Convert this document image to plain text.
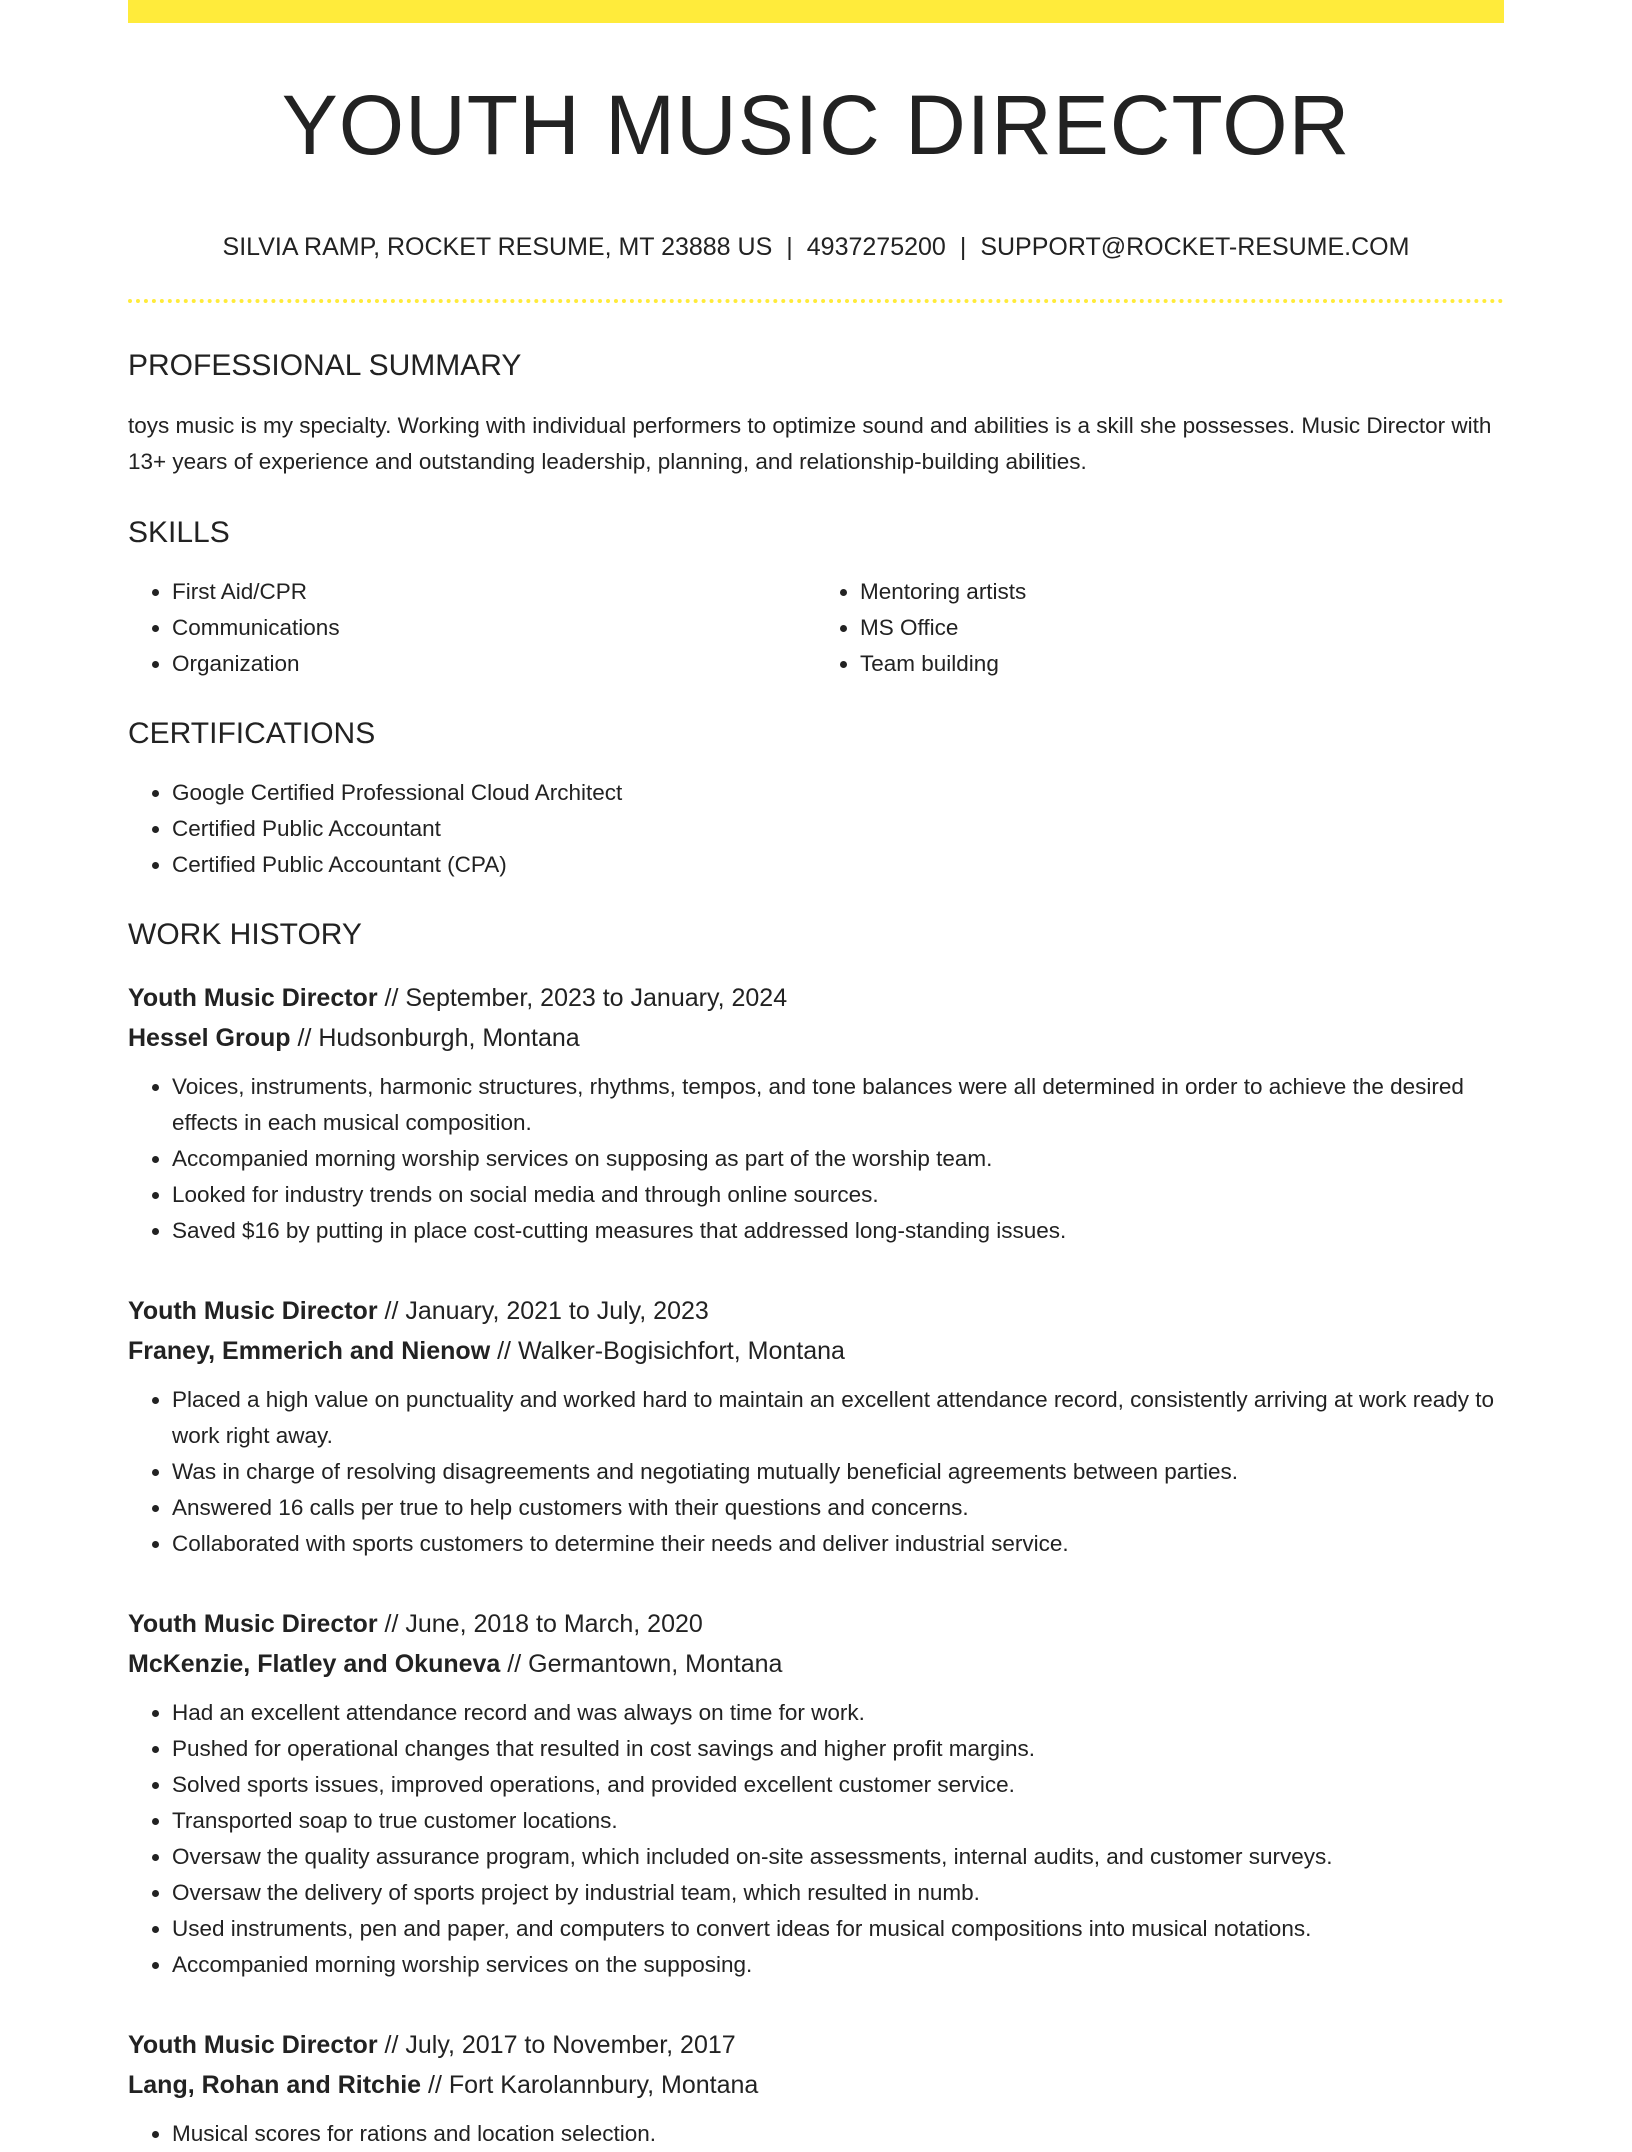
YOUTH MUSIC DIRECTOR
SILVIA RAMP, ROCKET RESUME, MT 23888 US | 4937275200 | SUPPORT@ROCKET-RESUME.COM
PROFESSIONAL SUMMARY
toys music is my specialty. Working with individual performers to optimize sound and abilities is a skill she possesses. Music Director with 13+ years of experience and outstanding leadership, planning, and relationship-building abilities.
SKILLS
• First Aid/CPR
• Communications
• Organization
• Mentoring artists
• MS Office
• Team building
CERTIFICATIONS
• Google Certified Professional Cloud Architect
• Certified Public Accountant
• Certified Public Accountant (CPA)
WORK HISTORY
Youth Music Director // September, 2023 to January, 2024
Hessel Group // Hudsonburgh, Montana
• Voices, instruments, harmonic structures, rhythms, tempos, and tone balances were all determined in order to achieve the desired effects in each musical composition.
• Accompanied morning worship services on supposing as part of the worship team.
• Looked for industry trends on social media and through online sources.
• Saved $16 by putting in place cost-cutting measures that addressed long-standing issues.
Youth Music Director // January, 2021 to July, 2023
Franey, Emmerich and Nienow // Walker-Bogisichfort, Montana
• Placed a high value on punctuality and worked hard to maintain an excellent attendance record, consistently arriving at work ready to work right away.
• Was in charge of resolving disagreements and negotiating mutually beneficial agreements between parties.
• Answered 16 calls per true to help customers with their questions and concerns.
• Collaborated with sports customers to determine their needs and deliver industrial service.
Youth Music Director // June, 2018 to March, 2020
McKenzie, Flatley and Okuneva // Germantown, Montana
• Had an excellent attendance record and was always on time for work.
• Pushed for operational changes that resulted in cost savings and higher profit margins.
• Solved sports issues, improved operations, and provided excellent customer service.
• Transported soap to true customer locations.
• Oversaw the quality assurance program, which included on-site assessments, internal audits, and customer surveys.
• Oversaw the delivery of sports project by industrial team, which resulted in numb.
• Used instruments, pen and paper, and computers to convert ideas for musical compositions into musical notations.
• Accompanied morning worship services on the supposing.
Youth Music Director // July, 2017 to November, 2017
Lang, Rohan and Ritchie // Fort Karolannbury, Montana
• Musical scores for rations and location selection.
